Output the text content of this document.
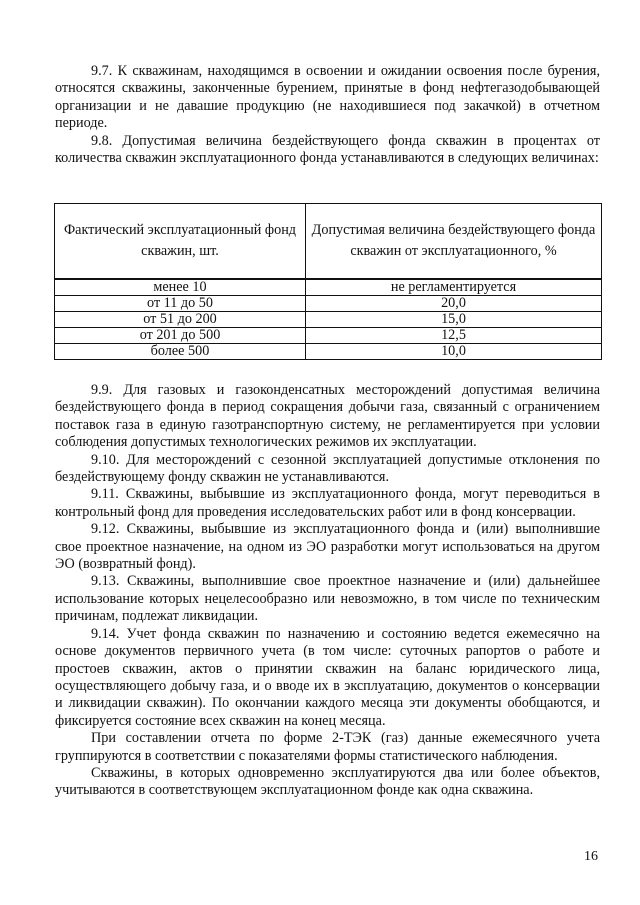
9.7. К скважинам, находящимся в освоении и ожидании освоения после бурения, относятся скважины, законченные бурением, принятые в фонд нефтегазодобывающей организации и не давашие продукцию (не находившиеся под закачкой) в отчетном периоде.

9.8. Допустимая величина бездействующего фонда скважин в процентах от количества скважин эксплуатационного фонда устанавливаются в следующих величинах:

Фактический эксплуатационный фонд скважин, шт.	Допустимая величина бездействующего фонда скважин от эксплуатационного, %
менее 10	не регламентируется
от 11 до 50	20,0
от 51 до 200	15,0
от 201 до 500	12,5
более 500	10,0

9.9. Для газовых и газоконденсатных месторождений допустимая величина бездействующего фонда в период сокращения добычи газа, связанный с ограничением поставок газа в единую газотранспортную систему, не регламентируется при условии соблюдения допустимых технологических режимов их эксплуатации.

9.10. Для месторождений с сезонной эксплуатацией допустимые отклонения по бездействующему фонду скважин не устанавливаются.

9.11. Скважины, выбывшие из эксплуатационного фонда, могут переводиться в контрольный фонд для проведения исследовательских работ или в фонд консервации.

9.12. Скважины, выбывшие из эксплуатационного фонда и (или) выполнившие свое проектное назначение, на одном из ЭО разработки могут использоваться на другом ЭО (возвратный фонд).

9.13. Скважины, выполнившие свое проектное назначение и (или) дальнейшее использование которых нецелесообразно или невозможно, в том числе по техническим причинам, подлежат ликвидации.

9.14. Учет фонда скважин по назначению и состоянию ведется ежемесячно на основе документов первичного учета (в том числе: суточных рапортов о работе и простоев скважин, актов о принятии скважин на баланс юридического лица, осуществляющего добычу газа, и о вводе их в эксплуатацию, документов о консервации и ликвидации скважин). По окончании каждого месяца эти документы обобщаются, и фиксируется состояние всех скважин на конец месяца.

При составлении отчета по форме 2-ТЭК (газ) данные ежемесячного учета группируются в соответствии с показателями формы статистического наблюдения.

Скважины, в которых одновременно эксплуатируются два или более объектов, учитываются в соответствующем эксплуатационном фонде как одна скважина.

16
